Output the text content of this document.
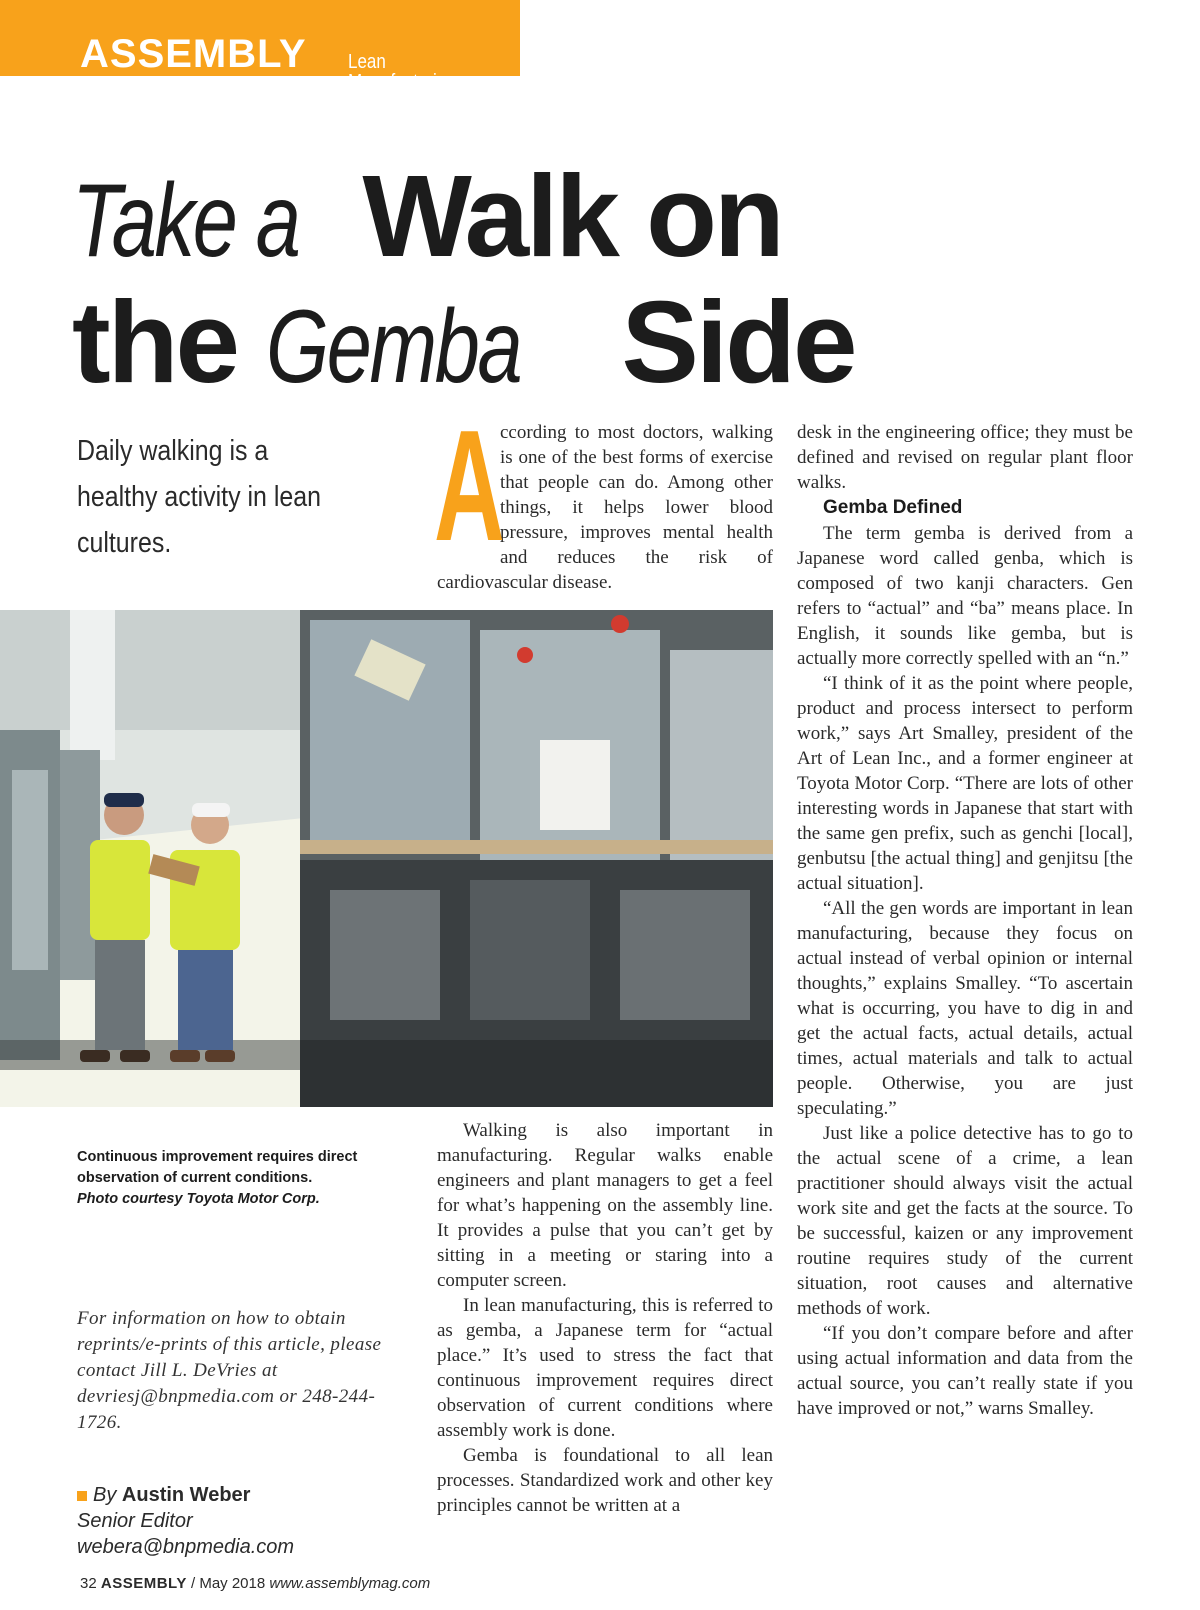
ASSEMBLY Lean Manufacturing
Take aWalk on
the Gemba Side
Daily walking is a healthy activity in lean cultures.	A

ccording to most doctors, walking is one of the best forms of exercise that people can do. Among other things, it helps lower blood pressure, improves mental health and reduces the risk of cardiovascular disease.

Continuous improvement requires direct observation of current conditions.
Photo courtesy Toyota Motor Corp.
For information on how to obtain reprints/e-prints of this article, please contact Jill L. DeVries at devriesj@bnpmedia.com or 248-244-1726.
By Austin Weber
Senior Editor
webera@bnpmedia.com

Walking is also important in manufacturing. Regular walks enable engineers and plant managers to get a feel for what’s happening on the assembly line. It provides a pulse that you can’t get by sitting in a meeting or staring into a computer screen.

In lean manufacturing, this is referred to as gemba, a Japanese term for “actual place.” It’s used to stress the fact that continuous improvement requires direct observation of current conditions where assembly work is done.

Gemba is foundational to all lean processes. Standardized work and other key principles cannot be written at a

desk in the engineering office; they must be defined and revised on regular plant floor walks.

Gemba Defined

The term gemba is derived from a Japanese word called genba, which is composed of two kanji characters. Gen refers to “actual” and “ba” means place. In English, it sounds like gemba, but is actually more correctly spelled with an “n.”

“I think of it as the point where people, product and process intersect to perform work,” says Art Smalley, president of the Art of Lean Inc., and a former engineer at Toyota Motor Corp. “There are lots of other interesting words in Japanese that start with the same gen prefix, such as genchi [local], genbutsu [the actual thing] and genjitsu [the actual situation].

“All the gen words are important in lean manufacturing, because they focus on actual instead of verbal opinion or internal thoughts,” explains Smalley. “To ascertain what is occurring, you have to dig in and get the actual facts, actual details, actual times, actual materials and talk to actual people. Otherwise, you are just speculating.”

Just like a police detective has to go to the actual scene of a crime, a lean practitioner should always visit the actual work site and get the facts at the source. To be successful, kaizen or any improvement routine requires study of the current situation, root causes and alternative methods of work.

“If you don’t compare before and after using actual information and data from the actual source, you can’t really state if you have improved or not,” warns Smalley.

32 ASSEMBLY / May 2018 www.assemblymag.com
